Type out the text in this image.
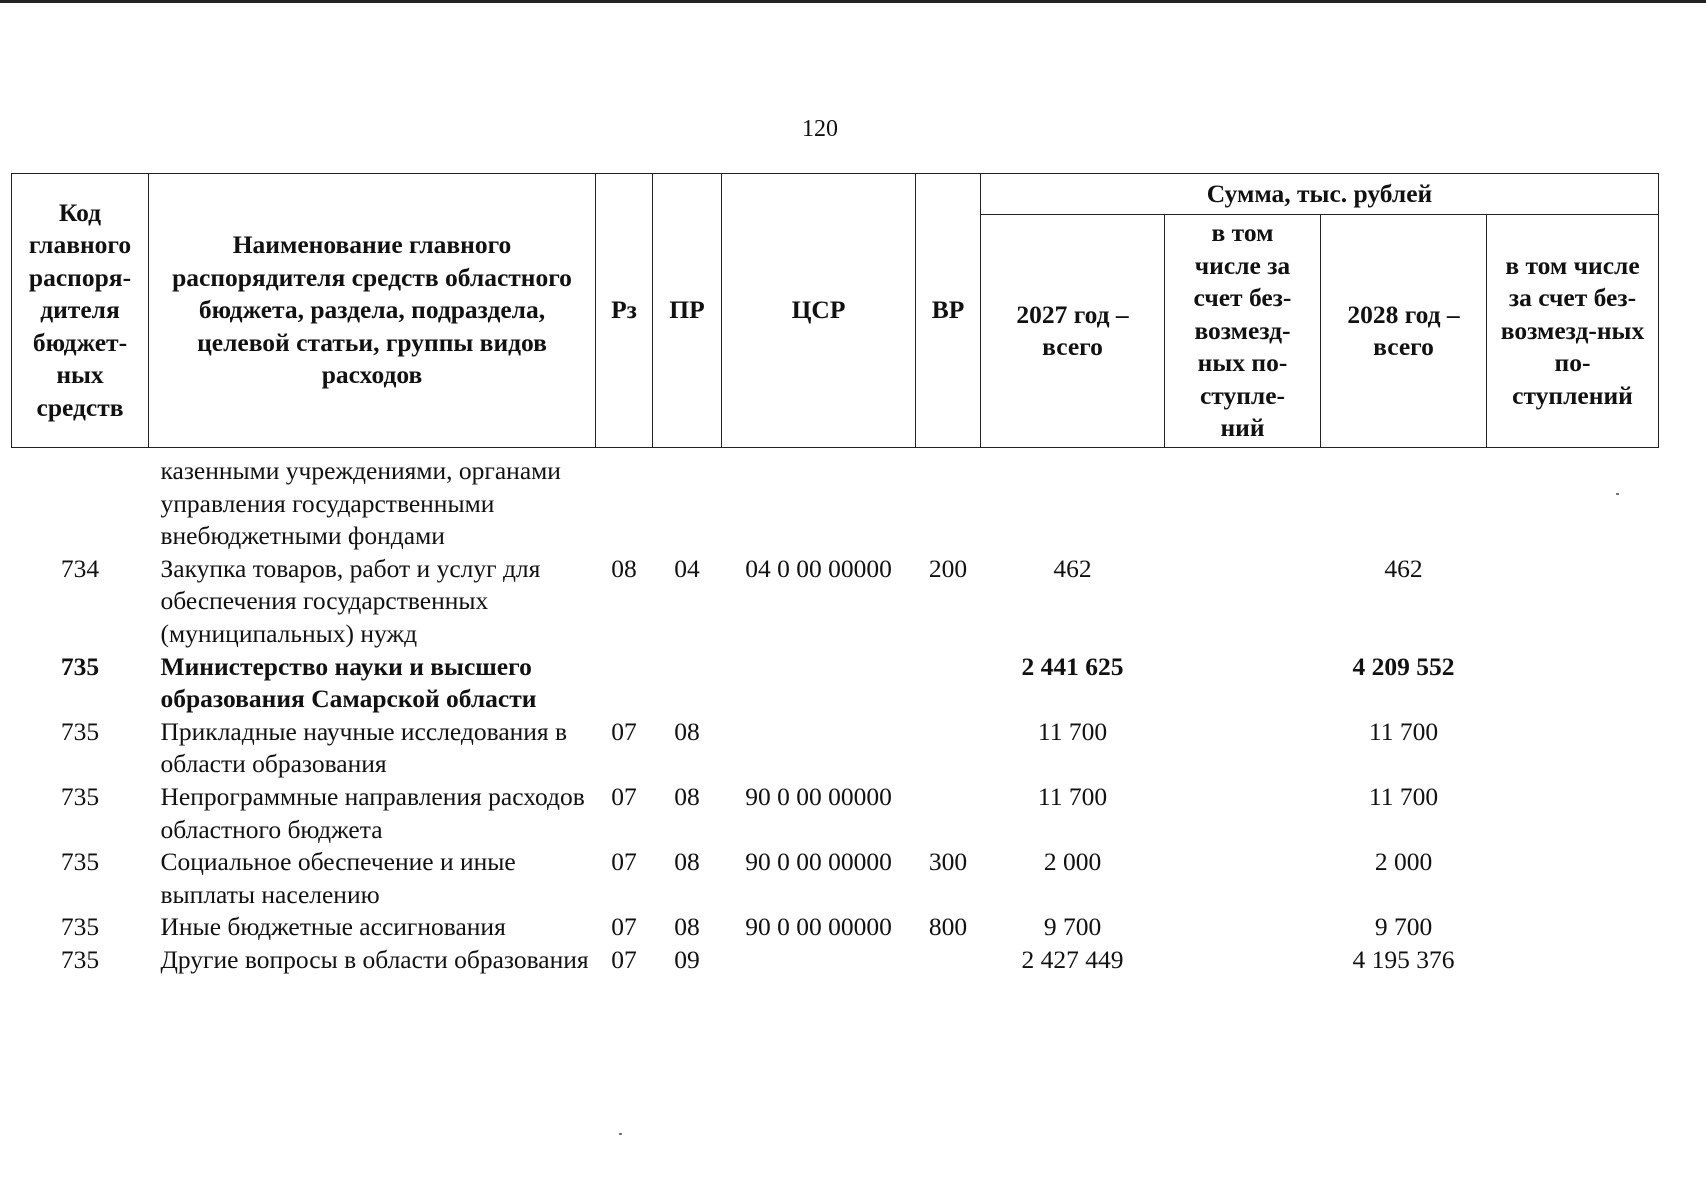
120
Код главного распоря-дителя бюджет-ных средств	Наименование главного распорядителя средств областного бюджета, раздела, подраздела, целевой статьи, группы видов расходов	Рз	ПР	ЦСР	ВР	Сумма, тыс. рублей			
						2027 год – всего	в том числе за счет без-возмезд-ных по-ступле-ний	2028 год – всего	в том числе за счет без-возмезд-ных по-ступлений
	казенными учреждениями, органами управления государственными внебюджетными фондами								
734	Закупка товаров, работ и услуг для обеспечения государственных (муниципальных) нужд	08	04	04 0 00 00000	200	462		462	
735	Министерство науки и высшего образования Самарской области					2 441 625		4 209 552	
735	Прикладные научные исследования в области образования	07	08			11 700		11 700	
735	Непрограммные направления расходов областного бюджета	07	08	90 0 00 00000		11 700		11 700	
735	Социальное обеспечение и иные выплаты населению	07	08	90 0 00 00000	300	2 000		2 000	
735	Иные бюджетные ассигнования	07	08	90 0 00 00000	800	9 700		9 700	
735	Другие вопросы в области образования	07	09			2 427 449		4 195 376	
